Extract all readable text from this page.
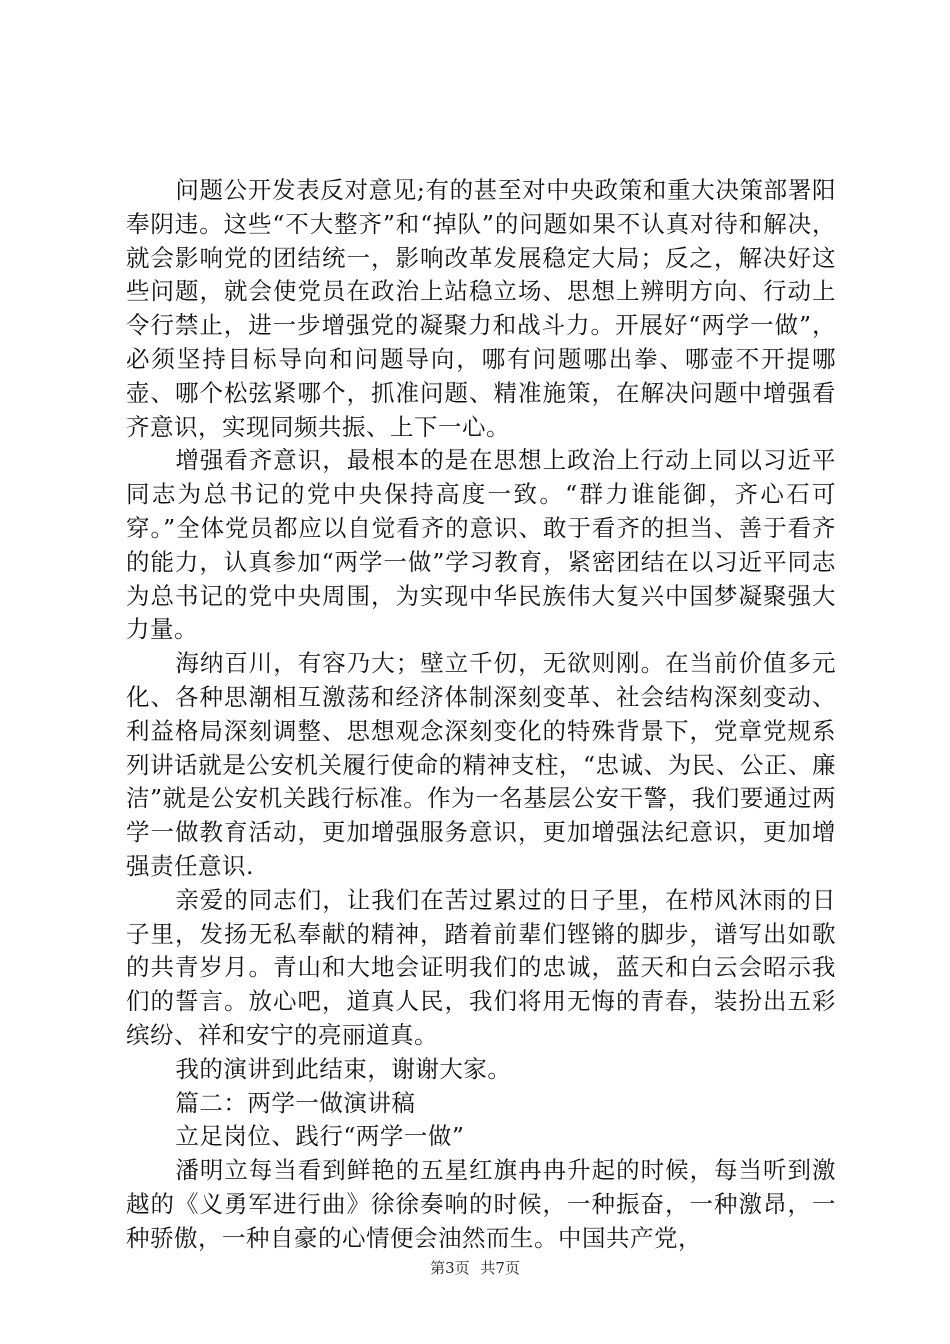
问题公开发表反对意见;有的甚至对中央政策和重大决策部署阳奉阴违。这些“不大整齐”和“掉队”的问题如果不认真对待和解决，就会影响党的团结统一，影响改革发展稳定大局；反之，解决好这些问题，就会使党员在政治上站稳立场、思想上辨明方向、行动上令行禁止，进一步增强党的凝聚力和战斗力。开展好“两学一做”，必须坚持目标导向和问题导向，哪有问题哪出拳、哪壶不开提哪壶、哪个松弦紧哪个，抓准问题、精准施策，在解决问题中增强看齐意识，实现同频共振、上下一心。

增强看齐意识，最根本的是在思想上政治上行动上同以习近平同志为总书记的党中央保持高度一致。“群力谁能御，齐心石可穿。”全体党员都应以自觉看齐的意识、敢于看齐的担当、善于看齐的能力，认真参加“两学一做”学习教育，紧密团结在以习近平同志为总书记的党中央周围，为实现中华民族伟大复兴中国梦凝聚强大力量。

海纳百川，有容乃大；壁立千仞，无欲则刚。在当前价值多元化、各种思潮相互激荡和经济体制深刻变革、社会结构深刻变动、利益格局深刻调整、思想观念深刻变化的特殊背景下，党章党规系列讲话就是公安机关履行使命的精神支柱，“忠诚、为民、公正、廉洁”就是公安机关践行标准。作为一名基层公安干警，我们要通过两学一做教育活动，更加增强服务意识，更加增强法纪意识，更加增强责任意识.

亲爱的同志们，让我们在苦过累过的日子里，在栉风沐雨的日子里，发扬无私奉献的精神，踏着前辈们铿锵的脚步，谱写出如歌的共青岁月。青山和大地会证明我们的忠诚，蓝天和白云会昭示我们的誓言。放心吧，道真人民，我们将用无悔的青春，装扮出五彩缤纷、祥和安宁的亮丽道真。

我的演讲到此结束，谢谢大家。

篇二：两学一做演讲稿

立足岗位、践行“两学一做”

潘明立每当看到鲜艳的五星红旗冉冉升起的时候，每当听到激越的《义勇军进行曲》徐徐奏响的时候，一种振奋，一种激昂，一种骄傲，一种自豪的心情便会油然而生。中国共产党，

第3页 共7页
